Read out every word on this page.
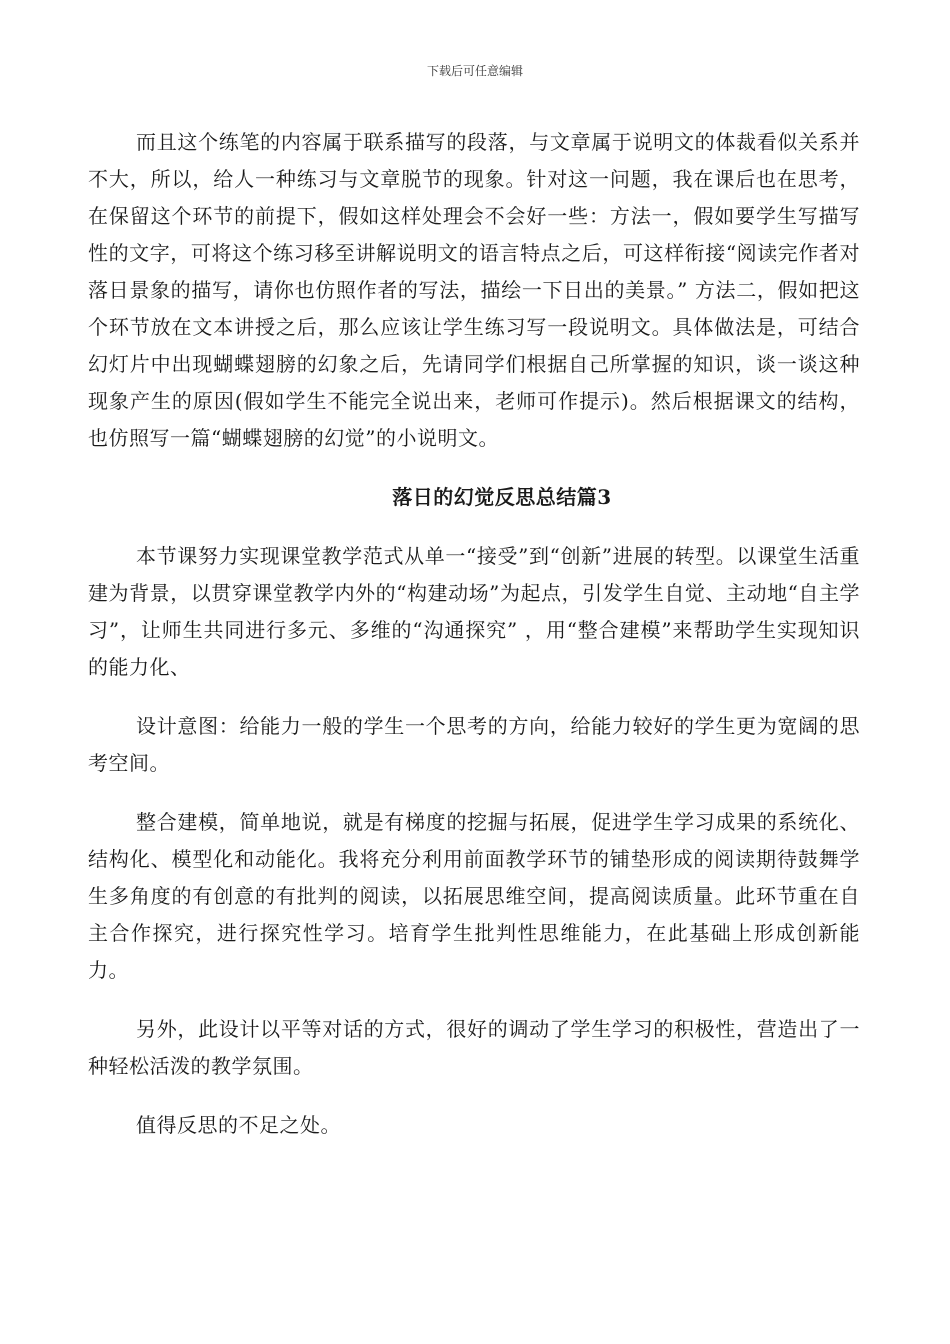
下载后可任意编辑

而且这个练笔的内容属于联系描写的段落，与文章属于说明文的体裁看似关系并不大，所以，给人一种练习与文章脱节的现象。针对这一问题，我在课后也在思考，在保留这个环节的前提下，假如这样处理会不会好一些：方法一，假如要学生写描写性的文字，可将这个练习移至讲解说明文的语言特点之后，可这样衔接“阅读完作者对落日景象的描写，请你也仿照作者的写法，描绘一下日出的美景。” 方法二，假如把这个环节放在文本讲授之后，那么应该让学生练习写一段说明文。具体做法是，可结合幻灯片中出现蝴蝶翅膀的幻象之后，先请同学们根据自己所掌握的知识，谈一谈这种现象产生的原因(假如学生不能完全说出来，老师可作提示)。然后根据课文的结构，也仿照写一篇“蝴蝶翅膀的幻觉”的小说明文。

落日的幻觉反思总结篇3

本节课努力实现课堂教学范式从单一“接受”到“创新”进展的转型。以课堂生活重建为背景，以贯穿课堂教学内外的“构建动场”为起点，引发学生自觉、主动地“自主学习”，让师生共同进行多元、多维的“沟通探究” ，用“整合建模”来帮助学生实现知识的能力化、

设计意图：给能力一般的学生一个思考的方向，给能力较好的学生更为宽阔的思考空间。

整合建模，简单地说，就是有梯度的挖掘与拓展，促进学生学习成果的系统化、结构化、模型化和动能化。我将充分利用前面教学环节的铺垫形成的阅读期待鼓舞学生多角度的有创意的有批判的阅读，以拓展思维空间，提高阅读质量。此环节重在自主合作探究，进行探究性学习。培育学生批判性思维能力，在此基础上形成创新能力。

另外，此设计以平等对话的方式，很好的调动了学生学习的积极性，营造出了一种轻松活泼的教学氛围。

值得反思的不足之处。
